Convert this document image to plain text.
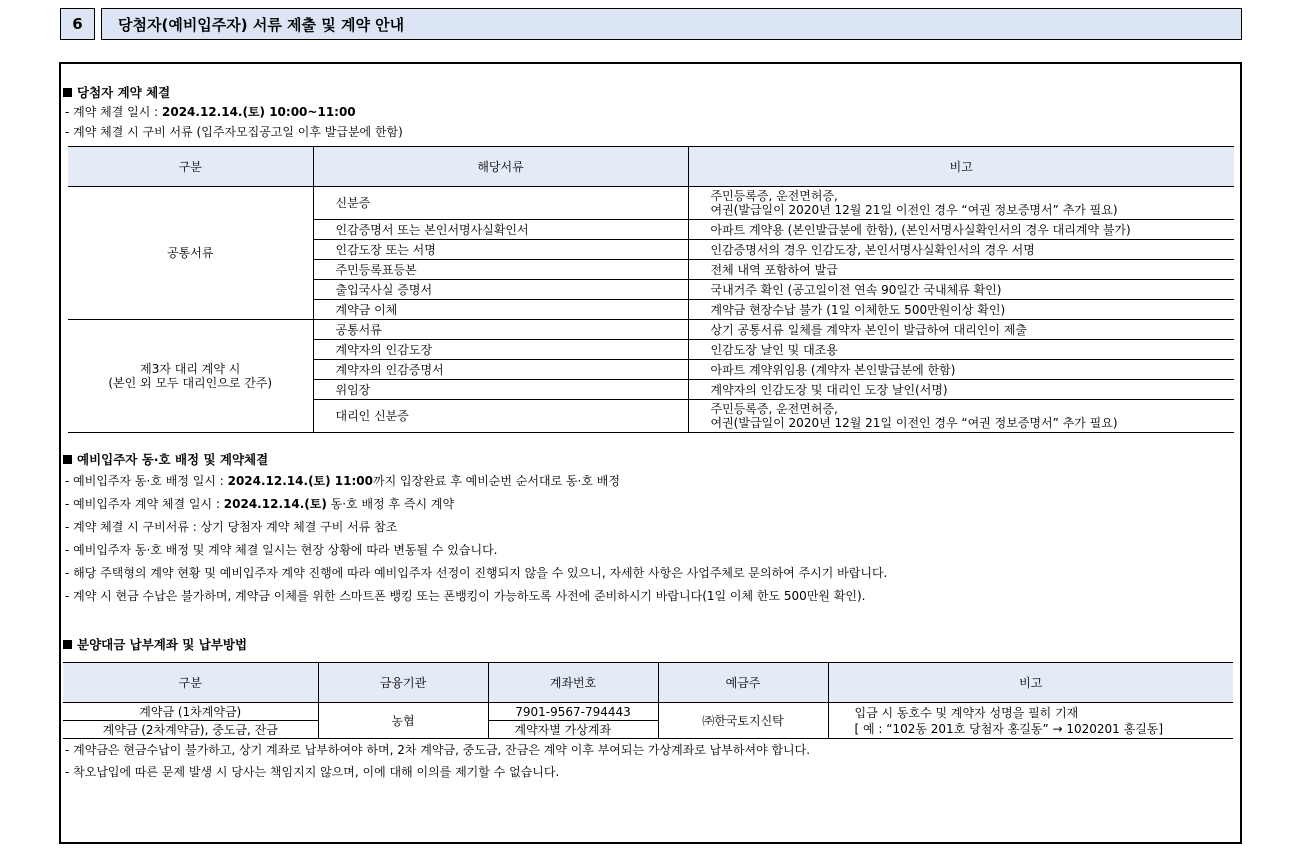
6	당첨자(예비입주자) 서류 제출 및 계약 안내
당첨자 계약 체결
- 계약 체결 일시 : 2024.12.14.(토) 10:00~11:00
- 계약 체결 시 구비 서류 (입주자모집공고일 이후 발급분에 한함)
구분	해당서류	비고
공통서류	신분증	주민등록증, 운전면허증,
여권(발급일이 2020년 12월 21일 이전인 경우 “여권 정보증명서” 추가 필요)

	인감증명서 또는 본인서명사실확인서	아파트 계약용 (본인발급분에 한함), (본인서명사실확인서의 경우 대리계약 불가)
	인감도장 또는 서명	인감증명서의 경우 인감도장, 본인서명사실확인서의 경우 서명
	주민등록표등본	전체 내역 포함하여 발급
	출입국사실 증명서	국내거주 확인 (공고일이전 연속 90일간 국내체류 확인)
	계약금 이체	계약금 현장수납 불가 (1일 이체한도 500만원이상 확인)

제3자 대리 계약 시
(본인 외 모두 대리인으로 간주)	공통서류	상기 공통서류 일체를 계약자 본인이 발급하여 대리인이 제출
	계약자의 인감도장	인감도장 날인 및 대조용
	계약자의 인감증명서	아파트 계약위임용 (계약자 본인발급분에 한함)
	위임장	계약자의 인감도장 및 대리인 도장 날인(서명)
	대리인 신분증	주민등록증, 운전면허증,
여권(발급일이 2020년 12월 21일 이전인 경우 “여권 정보증명서” 추가 필요)
예비입주자 동·호 배정 및 계약체결
- 예비입주자 동·호 배정 일시 : 2024.12.14.(토) 11:00까지 입장완료 후 예비순번 순서대로 동·호 배정
- 예비입주자 계약 체결 일시 : 2024.12.14.(토) 동·호 배정 후 즉시 계약
- 계약 체결 시 구비서류 : 상기 당첨자 계약 체결 구비 서류 참조
- 예비입주자 동·호 배정 및 계약 체결 일시는 현장 상황에 따라 변동될 수 있습니다.
- 해당 주택형의 계약 현황 및 예비입주자 계약 진행에 따라 예비입주자 선정이 진행되지 않을 수 있으니, 자세한 사항은 사업주체로 문의하여 주시기 바랍니다.
- 계약 시 현금 수납은 불가하며, 계약금 이체를 위한 스마트폰 뱅킹 또는 폰뱅킹이 가능하도록 사전에 준비하시기 바랍니다(1일 이체 한도 500만원 확인).
분양대금 납부계좌 및 납부방법
구분	금융기관	계좌번호	예금주	비고
계약금 (1차계약금)	농협	7901-9567-794443	㈜한국토지신탁	입금 시 동호수 및 계약자 성명을 필히 기재
[ 예 : “102동 201호 당첨자 홍길동” → 1020201 홍길동]

계약금 (2차계약금), 중도금, 잔금		계약자별 가상계좌		
- 계약금은 현금수납이 불가하고, 상기 계좌로 납부하여야 하며, 2차 계약금, 중도금, 잔금은 계약 이후 부여되는 가상계좌로 납부하셔야 합니다.
- 착오납입에 따른 문제 발생 시 당사는 책임지지 않으며, 이에 대해 이의를 제기할 수 없습니다.
